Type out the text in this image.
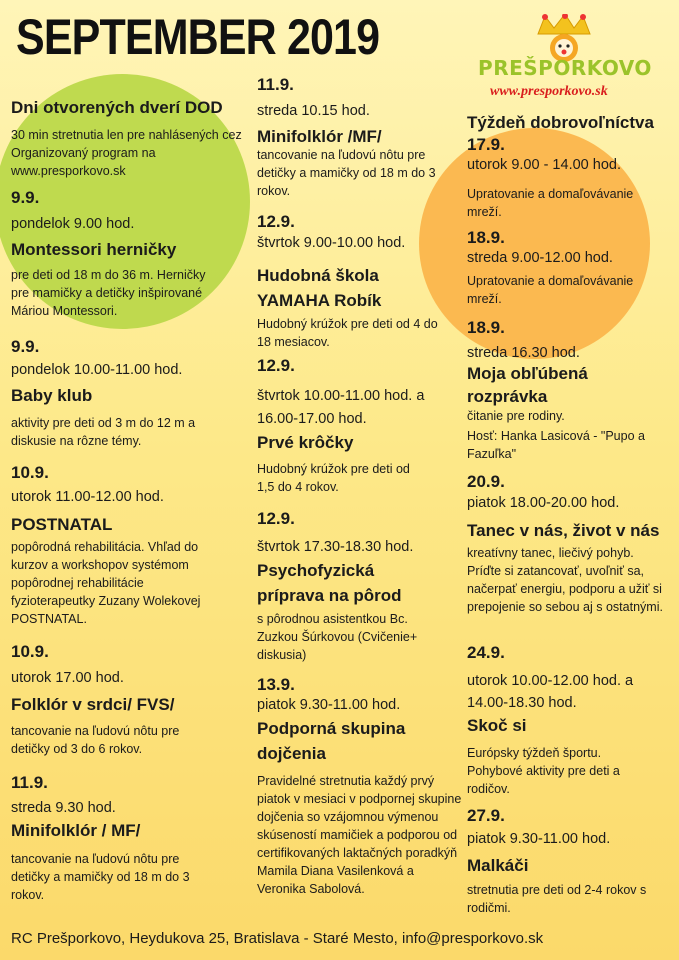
SEPTEMBER 2019
PREŠPORKOVO
www.presporkovo.sk
Dni otvorených dverí DOD
30 min stretnutia len pre nahlásených cez Organizovaný program na www.presporkovo.sk
9.9.
pondelok 9.00 hod.
Montessori herničky
pre deti od 18 m do 36 m. Herničky pre mamičky a detičky inšpirované Máriou Montessori.
9.9.
pondelok 10.00-11.00 hod.
Baby klub
aktivity pre deti od 3 m do 12 m a diskusie na rôzne témy.
10.9.
utorok 11.00-12.00 hod.
POSTNATAL
popôrodná rehabilitácia. Vhľad do kurzov a workshopov systémom popôrodnej rehabilitácie fyzioterapeutky Zuzany Wolekovej POSTNATAL.
10.9.
utorok 17.00 hod.
Folklór v srdci/ FVS/
tancovanie na ľudovú nôtu pre detičky od 3 do 6 rokov.
11.9.
streda 9.30 hod.
Minifolklór / MF/
tancovanie na ľudovú nôtu pre detičky a mamičky od 18 m do 3 rokov.
11.9.
streda 10.15 hod.
Minifolklór /MF/
tancovanie na ľudovú nôtu pre detičky a mamičky od 18 m do 3 rokov.
12.9.
štvrtok 9.00-10.00 hod.
Hudobná škola YAMAHA Robík
Hudobný krúžok pre deti od 4 do 18 mesiacov.
12.9.
štvrtok 10.00-11.00 hod. a 16.00-17.00 hod.
Prvé krôčky
Hudobný krúžok pre deti od 1,5 do 4 rokov.
12.9.
štvrtok 17.30-18.30 hod.
Psychofyzická príprava na pôrod
s pôrodnou asistentkou Bc. Zuzkou Šúrkovou (Cvičenie+ diskusia)
13.9.
piatok 9.30-11.00 hod.
Podporná skupina dojčenia
Pravidelné stretnutia každý prvý piatok v mesiaci v podpornej skupine dojčenia so vzájomnou výmenou skúseností mamičiek a podporou od certifikovaných laktačných poradkýň Mamila Diana Vasilenková a Veronika Sabolová.
Týždeň dobrovoľníctva
17.9.
utorok 9.00 - 14.00 hod.
Upratovanie a domaľovávanie mreží.
18.9.
streda 9.00-12.00 hod.
Upratovanie a domaľovávanie mreží.
18.9.
streda 16.30 hod.
Moja obľúbená rozprávka
čitanie pre rodiny.
Hosť: Hanka Lasicová - "Pupo a Fazuľka"
20.9.
piatok 18.00-20.00 hod.
Tanec v nás, život v nás
kreatívny tanec, liečivý pohyb. Príďte si zatancovať, uvoľniť sa, načerpať energiu, podporu a užiť si prepojenie so sebou aj s ostatnými.
24.9.
utorok 10.00-12.00 hod. a 14.00-18.30 hod.
Skoč si
Európsky týždeň športu. Pohybové aktivity pre deti a rodičov.
27.9.
piatok 9.30-11.00 hod.
Malkáči
stretnutia pre deti od 2-4 rokov s rodičmi.
RC Prešporkovo, Heydukova 25, Bratislava - Staré Mesto, info@presporkovo.sk
